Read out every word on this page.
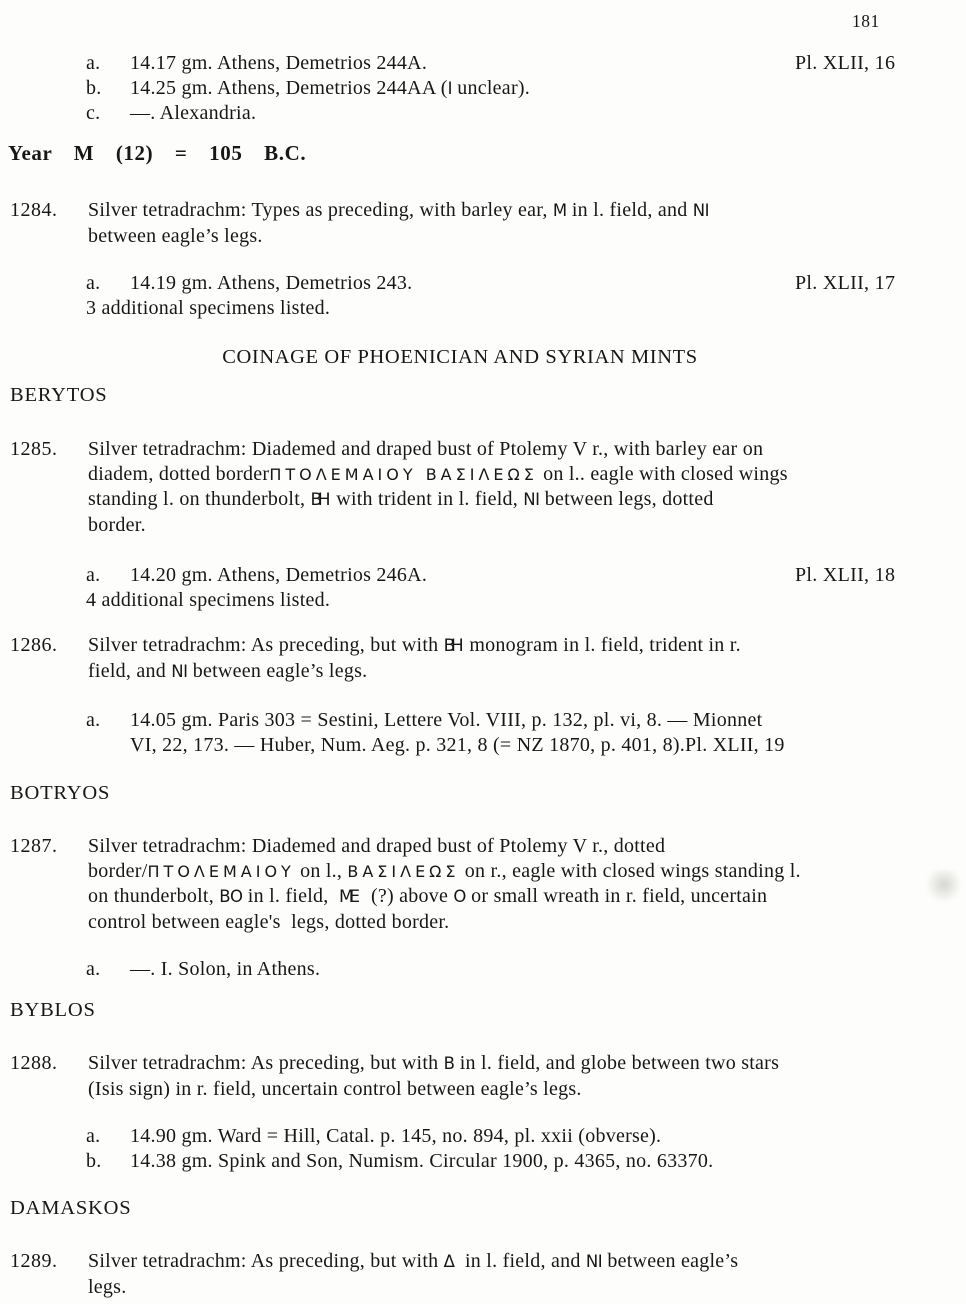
181
a. 14.17 gm. Athens, Demetrios 244A.	Pl. XLII, 16
b. 14.25 gm. Athens, Demetrios 244AA (Ι unclear).
c. —. Alexandria.
Year  M  (12)  =  105  B.C.
1284. Silver tetradrachm: Types as preceding, with barley ear, Μ in l. field, and ΝΙ
between eagle’s legs.
a. 14.19 gm. Athens, Demetrios 243.	Pl. XLII, 17
3 additional specimens listed.
COINAGE OF PHOENICIAN AND SYRIAN MINTS
BERYTOS
1285. Silver tetradrachm: Diademed and draped bust of Ptolemy V r., with barley ear on
diadem, dotted borderΠΤΟΛΕΜΑΙΟΥ ΒΑΣΙΛΕΩΣ on l.. eagle with closed wings
standing l. on thunderbolt, ΒΗ with trident in l. field, ΝΙ between legs, dotted
border.
a. 14.20 gm. Athens, Demetrios 246A.	Pl. XLII, 18
4 additional specimens listed.
1286. Silver tetradrachm: As preceding, but with ΒΗ monogram in l. field, trident in r.
field, and ΝΙ between eagle’s legs.
a. 14.05 gm. Paris 303 = Sestini, Lettere Vol. VIII, p. 132, pl. vi, 8. — Mionnet
VI, 22, 173. — Huber, Num. Aeg. p. 321, 8 (= NZ 1870, p. 401, 8).Pl. XLII, 19
BOTRYOS
1287. Silver tetradrachm: Diademed and draped bust of Ptolemy V r., dotted
border/ΠΤΟΛΕΜΑΙΟΥ on l., ΒΑΣΙΛΕΩΣ on r., eagle with closed wings standing l.
on thunderbolt, ΒΟ in l. field,  ΜΕ  (?) above Ο or small wreath in r. field, uncertain
control between eagle's  legs, dotted border.
a. —. I. Solon, in Athens.
BYBLOS
1288. Silver tetradrachm: As preceding, but with Β in l. field, and globe between two stars
(Isis sign) in r. field, uncertain control between eagle’s legs.
a. 14.90 gm. Ward = Hill, Catal. p. 145, no. 894, pl. xxii (obverse).
b. 14.38 gm. Spink and Son, Numism. Circular 1900, p. 4365, no. 63370.
DAMASKOS
1289. Silver tetradrachm: As preceding, but with Δ  in l. field, and ΝΙ between eagle’s
legs.
